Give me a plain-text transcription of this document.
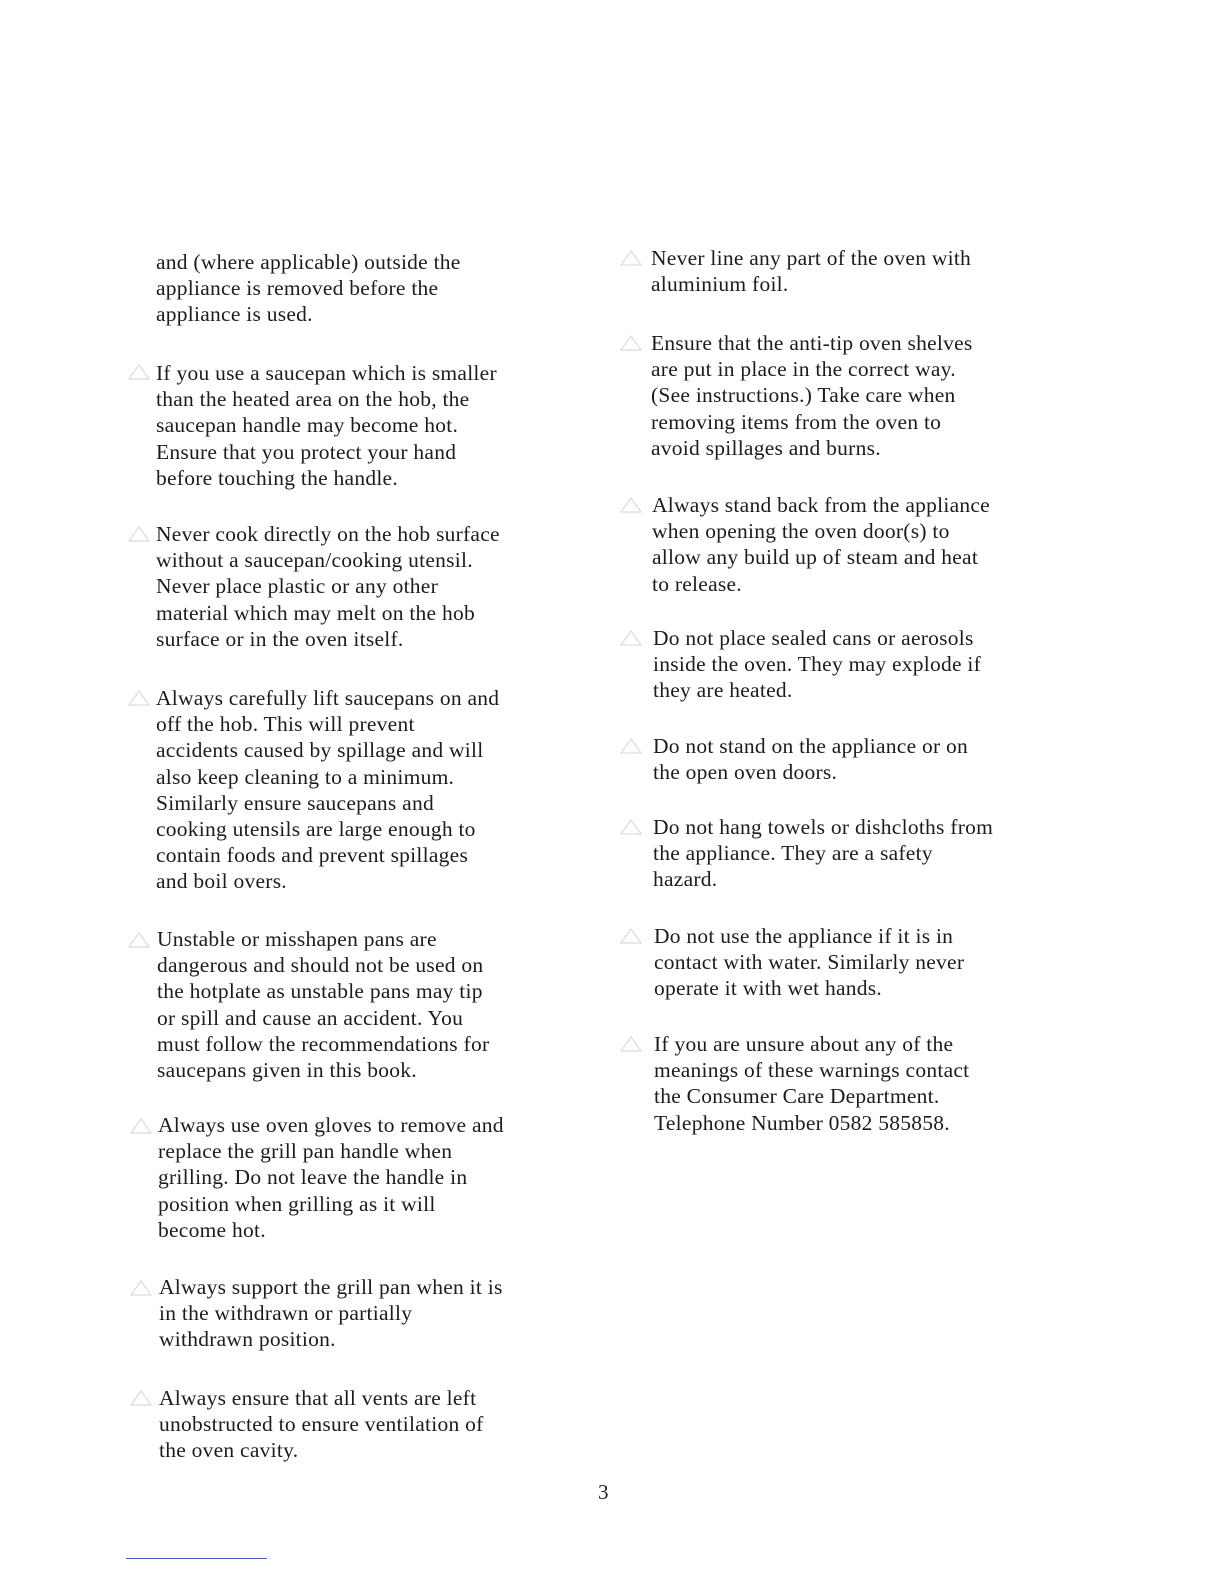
and (where applicable) outside the
appliance is removed before the
appliance is used.
If you use a saucepan which is smaller
than the heated area on the hob, the
saucepan handle may become hot.
Ensure that you protect your hand
before touching the handle.
Never cook directly on the hob surface
without a saucepan/cooking utensil.
Never place plastic or any other
material which may melt on the hob
surface or in the oven itself.
Always carefully lift saucepans on and
off the hob. This will prevent
accidents caused by spillage and will
also keep cleaning to a minimum.
Similarly ensure saucepans and
cooking utensils are large enough to
contain foods and prevent spillages
and boil overs.
Unstable or misshapen pans are
dangerous and should not be used on
the hotplate as unstable pans may tip
or spill and cause an accident. You
must follow the recommendations for
saucepans given in this book.
Always use oven gloves to remove and
replace the grill pan handle when
grilling. Do not leave the handle in
position when grilling as it will
become hot.
Always support the grill pan when it is
in the withdrawn or partially
withdrawn position.
Always ensure that all vents are left
unobstructed to ensure ventilation of
the oven cavity.
Never line any part of the oven with
aluminium foil.
Ensure that the anti-tip oven shelves
are put in place in the correct way.
(See instructions.) Take care when
removing items from the oven to
avoid spillages and burns.
Always stand back from the appliance
when opening the oven door(s) to
allow any build up of steam and heat
to release.
Do not place sealed cans or aerosols
inside the oven. They may explode if
they are heated.
Do not stand on the appliance or on
the open oven doors.
Do not hang towels or dishcloths from
the appliance. They are a safety
hazard.
Do not use the appliance if it is in
contact with water. Similarly never
operate it with wet hands.
If you are unsure about any of the
meanings of these warnings contact
the Consumer Care Department.
Telephone Number 0582 585858.
3
